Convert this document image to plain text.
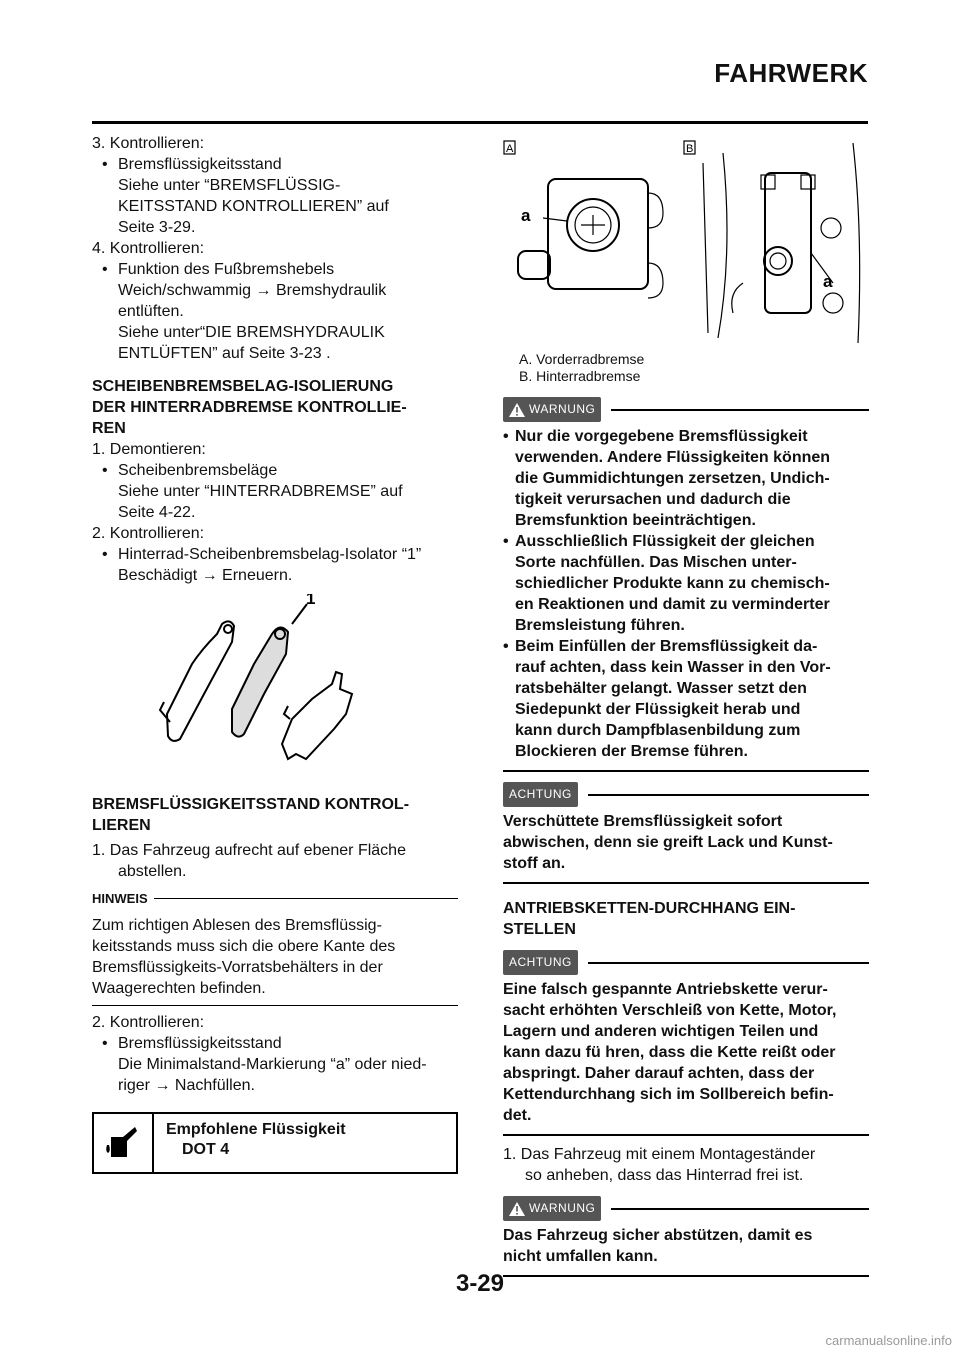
FAHRWERK
3. Kontrollieren:
• Bremsflüssigkeitsstand
Siehe unter “BREMSFLÜSSIG-
KEITSSTAND KONTROLLIEREN” auf
Seite 3-29.
4. Kontrollieren:
• Funktion des Fußbremshebels
Weich/schwammig → Bremshydraulik
entlüften.
Siehe unter“DIE BREMSHYDRAULIK
ENTLÜFTEN” auf Seite 3-23 .
SCHEIBENBREMSBELAG-ISOLIERUNG
DER HINTERRADBREMSE KONTROLLIE-
REN
1. Demontieren:
• Scheibenbremsbeläge
Siehe unter “HINTERRADBREMSE” auf
Seite 4-22.
2. Kontrollieren:
• Hinterrad-Scheibenbremsbelag-Isolator “1”
Beschädigt → Erneuern.
1
BREMSFLÜSSIGKEITSSTAND KONTROL-
LIEREN
1. Das Fahrzeug aufrecht auf ebener Fläche
abstellen.
HINWEIS
Zum richtigen Ablesen des Bremsflüssig-
keitsstands muss sich die obere Kante des
Bremsflüssigkeits-Vorratsbehälters in der
Waagerechten befinden.
2. Kontrollieren:
• Bremsflüssigkeitsstand
Die Minimalstand-Markierung “a” oder nied-
riger → Nachfüllen.
Empfohlene Flüssigkeit
DOT 4
A	B
a
a
A. Vorderradbremse
B. Hinterradbremse
WARNUNG
• Nur die vorgegebene Bremsflüssigkeit
verwenden. Andere Flüssigkeiten können
die Gummidichtungen zersetzen, Undich-
tigkeit verursachen und dadurch die
Bremsfunktion beeinträchtigen.
• Ausschließlich Flüssigkeit der gleichen
Sorte nachfüllen. Das Mischen unter-
schiedlicher Produkte kann zu chemisch-
en Reaktionen und damit zu verminderter
Bremsleistung führen.
• Beim Einfüllen der Bremsflüssigkeit da-
rauf achten, dass kein Wasser in den Vor-
ratsbehälter gelangt. Wasser setzt den
Siedepunkt der Flüssigkeit herab und
kann durch Dampfblasenbildung zum
Blockieren der Bremse führen.
ACHTUNG
Verschüttete Bremsflüssigkeit sofort
abwischen, denn sie greift Lack und Kunst-
stoff an.
ANTRIEBSKETTEN-DURCHHANG EIN-
STELLEN
ACHTUNG
Eine falsch gespannte Antriebskette verur-
sacht erhöhten Verschleiß von Kette, Motor,
Lagern und anderen wichtigen Teilen und
kann dazu fü hren, dass die Kette reißt oder
abspringt. Daher darauf achten, dass der
Kettendurchhang sich im Sollbereich befin-
det.
1. Das Fahrzeug mit einem Montageständer
so anheben, dass das Hinterrad frei ist.
WARNUNG
Das Fahrzeug sicher abstützen, damit es
nicht umfallen kann.
3-29
carmanualsonline.info
